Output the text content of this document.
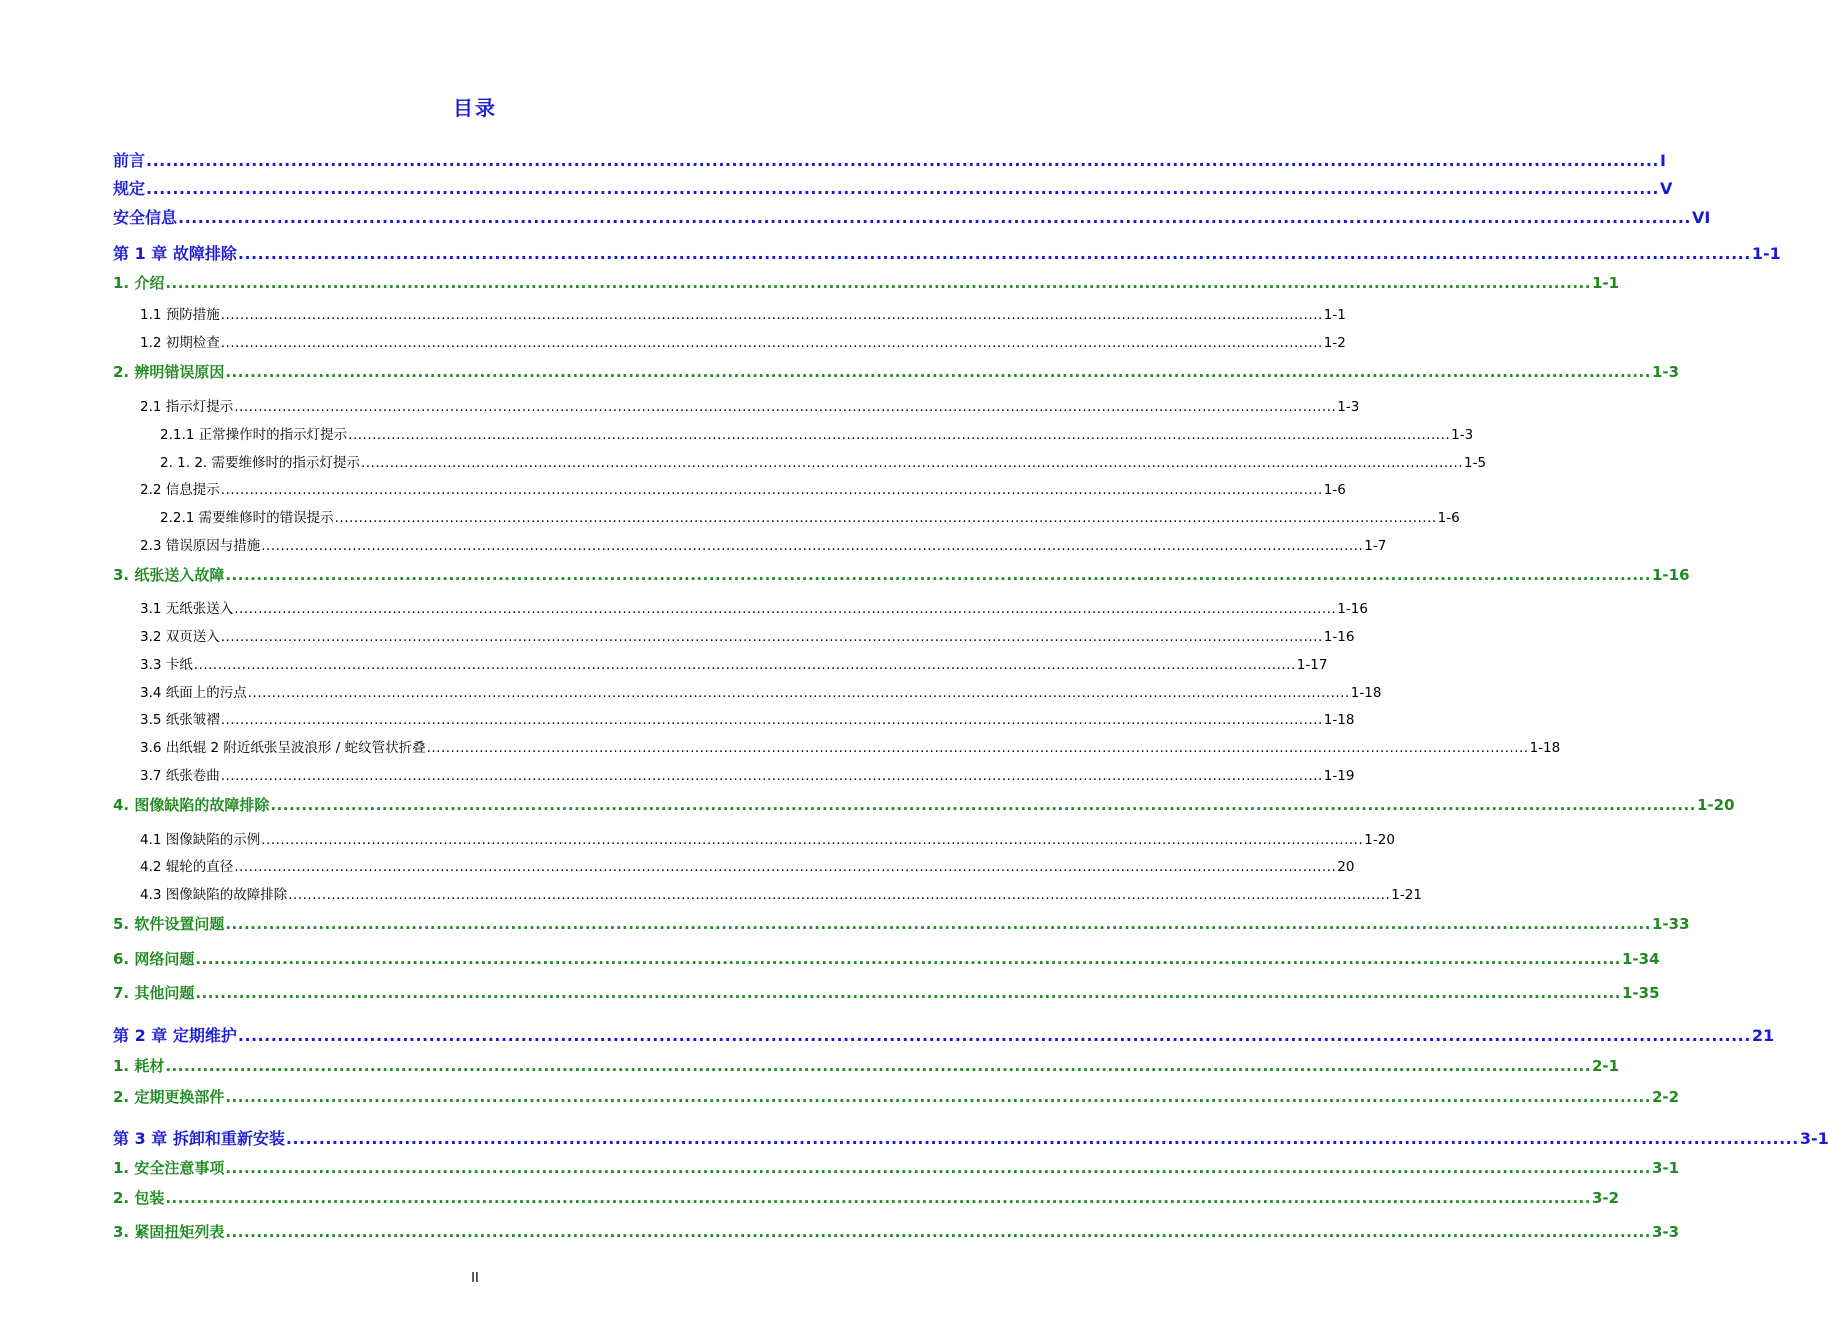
目录
前言 ...................................................................................................................................................................................................................................... I
规定 ...................................................................................................................................................................................................................................... V
安全信息 ...................................................................................................................................................................................................................................... VI
第 1 章 故障排除 ...................................................................................................................................................................................................................................... 1-1
1. 介绍 ...................................................................................................................................................................................................................................... 1-1
1.1 预防措施 ...................................................................................................................................................................................................................................... 1-1
1.2 初期检查 ...................................................................................................................................................................................................................................... 1-2
2. 辨明错误原因 ...................................................................................................................................................................................................................................... 1-3
2.1 指示灯提示 ...................................................................................................................................................................................................................................... 1-3
2.1.1 正常操作时的指示灯提示 ...................................................................................................................................................................................................................................... 1-3
2. 1. 2. 需要维修时的指示灯提示 ...................................................................................................................................................................................................................................... 1-5
2.2 信息提示 ...................................................................................................................................................................................................................................... 1-6
2.2.1 需要维修时的错误提示 ...................................................................................................................................................................................................................................... 1-6
2.3 错误原因与措施 ...................................................................................................................................................................................................................................... 1-7
3. 纸张送入故障 ...................................................................................................................................................................................................................................... 1-16
3.1 无纸张送入 ...................................................................................................................................................................................................................................... 1-16
3.2 双页送入 ...................................................................................................................................................................................................................................... 1-16
3.3 卡纸 ...................................................................................................................................................................................................................................... 1-17
3.4 纸面上的污点 ...................................................................................................................................................................................................................................... 1-18
3.5 纸张皱褶 ...................................................................................................................................................................................................................................... 1-18
3.6 出纸辊 2 附近纸张呈波浪形 / 蛇纹管状折叠 ...................................................................................................................................................................................................................................... 1-18
3.7 纸张卷曲 ...................................................................................................................................................................................................................................... 1-19
4. 图像缺陷的故障排除 ...................................................................................................................................................................................................................................... 1-20
4.1 图像缺陷的示例 ...................................................................................................................................................................................................................................... 1-20
4.2 辊轮的直径 ...................................................................................................................................................................................................................................... 20
4.3 图像缺陷的故障排除 ...................................................................................................................................................................................................................................... 1-21
5. 软件设置问题 ...................................................................................................................................................................................................................................... 1-33
6. 网络问题 ...................................................................................................................................................................................................................................... 1-34
7. 其他问题 ...................................................................................................................................................................................................................................... 1-35
第 2 章 定期维护 ...................................................................................................................................................................................................................................... 21
1. 耗材 ...................................................................................................................................................................................................................................... 2-1
2. 定期更换部件 ...................................................................................................................................................................................................................................... 2-2
第 3 章 拆卸和重新安装 ...................................................................................................................................................................................................................................... 3-1
1. 安全注意事项 ...................................................................................................................................................................................................................................... 3-1
2. 包装 ...................................................................................................................................................................................................................................... 3-2
3. 紧固扭矩列表 ...................................................................................................................................................................................................................................... 3-3
II
